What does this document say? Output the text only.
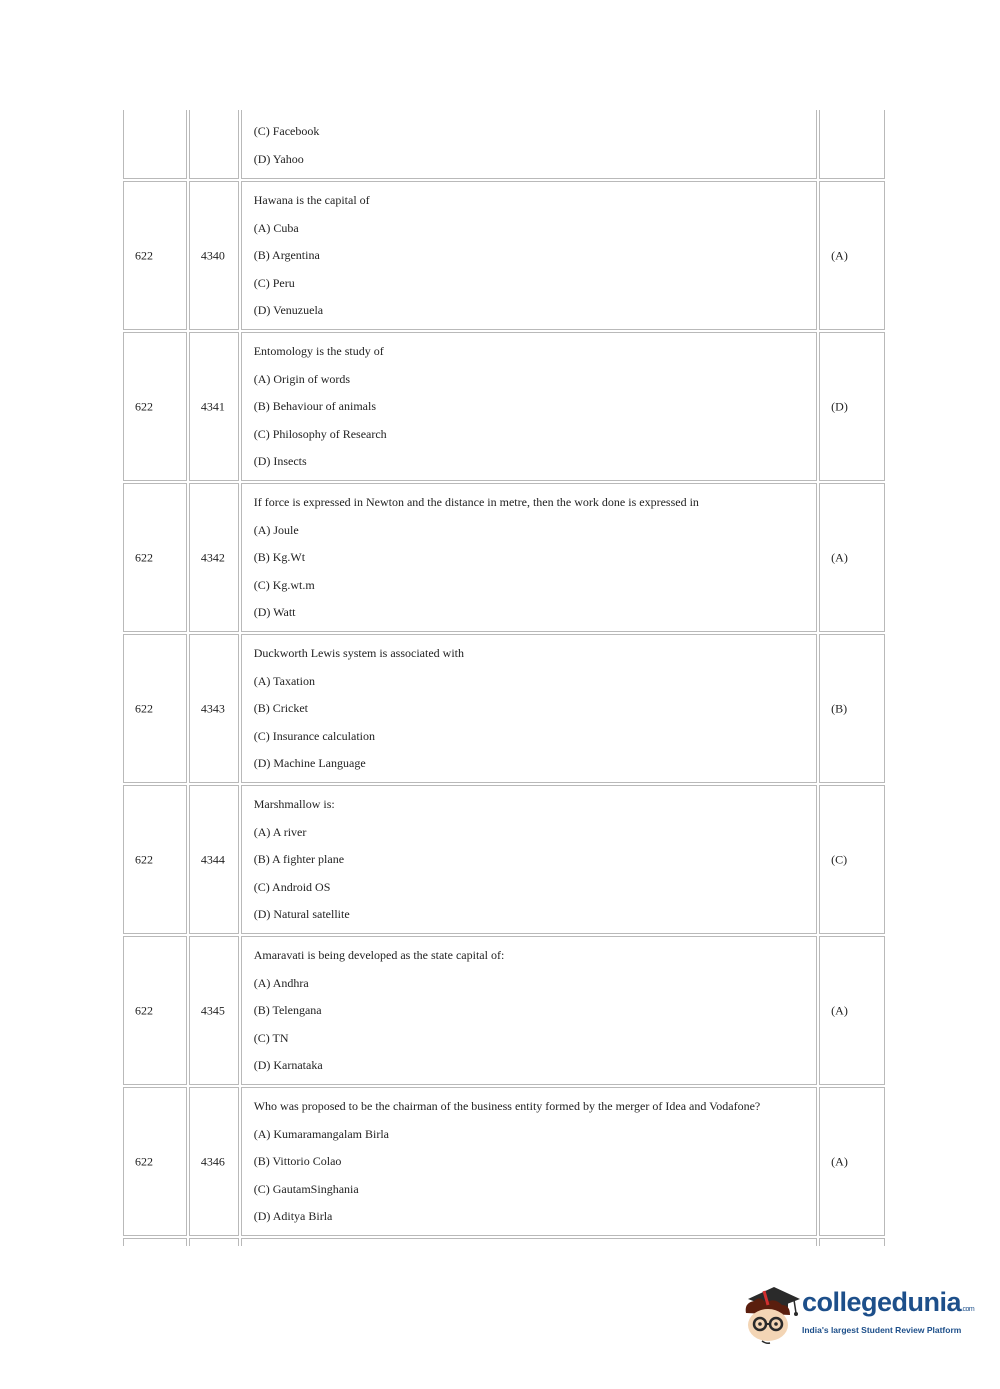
(C) Facebook
(D) Yahoo
622	4340
Hawana is the capital of
(A) Cuba
(B) Argentina
(C) Peru
(D) Venuzuela
(A)
622	4341
Entomology is the study of
(A) Origin of words
(B) Behaviour of animals
(C) Philosophy of Research
(D) Insects
(D)
622	4342
If force is expressed in Newton and the distance in metre, then the work done is expressed in
(A) Joule
(B) Kg.Wt
(C) Kg.wt.m
(D) Watt
(A)
622	4343
Duckworth Lewis system is associated with
(A) Taxation
(B) Cricket
(C) Insurance calculation
(D) Machine Language
(B)
622	4344
Marshmallow is:
(A) A river
(B) A fighter plane
(C) Android OS
(D) Natural satellite
(C)
622	4345
Amaravati is being developed as the state capital of:
(A) Andhra
(B) Telengana
(C) TN
(D) Karnataka
(A)
622	4346
Who was proposed to be the chairman of the business entity formed by the merger of Idea and Vodafone?
(A) Kumaramangalam Birla
(B) Vittorio Colao
(C) GautamSinghania
(D) Aditya Birla
(A)
collegedunia.com
India's largest Student Review Platform
